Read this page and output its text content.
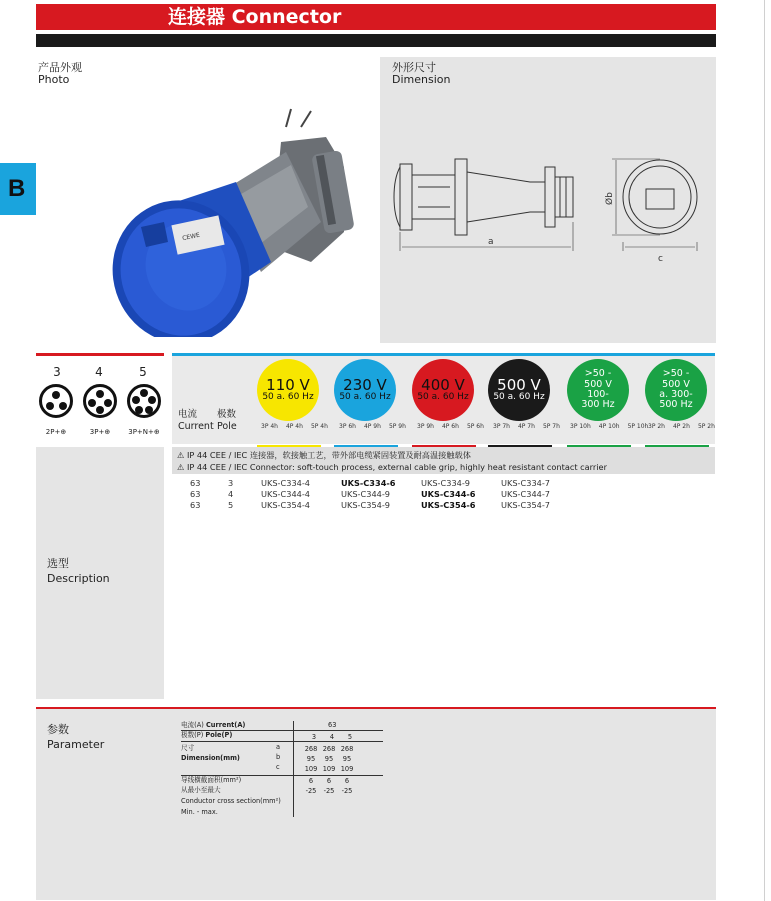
连接器 Connector
B
产品外观
Photo
CEWE
外形尺寸
Dimension
a
Øb
c
3	4	5
2P+⊕	3P+⊕	3P+N+⊕
电流
Current
极数
Pole
110 V
50 a. 60 Hz
230 V
50 a. 60 Hz
400 V
50 a. 60 Hz
500 V
50 a. 60 Hz
>50 -
500 V
100-
300 Hz
>50 -
500 V
a. 300-
500 Hz
3P 4h 4P 4h 5P 4h 3P 6h 4P 9h 5P 9h 3P 9h 4P 6h 5P 6h 3P 7h 4P 7h 5P 7h 3P 10h 4P 10h 5P 10h 3P 2h 4P 2h 5P 2h
选型
Description
⚠ IP 44 CEE / IEC 连接器，软接触工艺，带外部电缆紧固装置及耐高温接触载体
⚠ IP 44 CEE / IEC Connector: soft-touch process, external cable grip, highly heat resistant contact carrier
63	3	UKS-C334-4	UKS-C334-6	UKS-C334-9	UKS-C334-7
63	4	UKS-C344-4	UKS-C344-9	UKS-C344-6	UKS-C344-7
63	5	UKS-C354-4	UKS-C354-9	UKS-C354-6	UKS-C354-7
参数
Parameter
电流(A) Current(A)	63
极数(P) Pole(P)	3	4	5
尺寸
Dimension(mm)
a
b
c
268 268 268
95	95	95
109 109 109
导线横截面积(mm²)
从最小至最大
Conductor cross section(mm²)
Min. - max.
6	6	6
-25	-25	-25
